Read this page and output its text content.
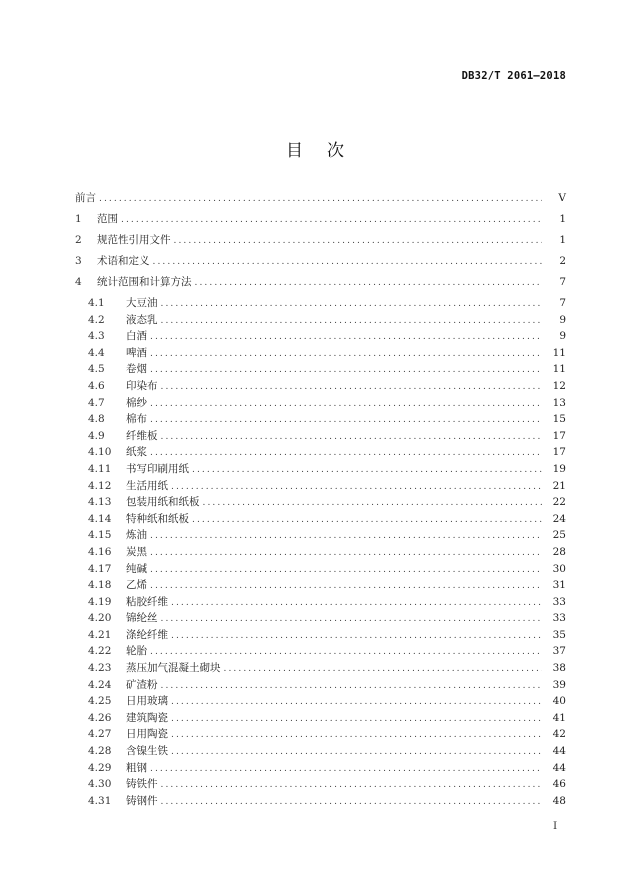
DB32/T 2061—2018
目 次
前言 .....	V
1	范围 .....	1
2	规范性引用文件 .....	1
3	术语和定义 .....	2
4	统计范围和计算方法 .....	7
4.1	大豆油 .....	7
4.2	液态乳 .....	9
4.3	白酒 .....	9
4.4	啤酒 .....	11
4.5	卷烟 .....	11
4.6	印染布 .....	12
4.7	棉纱 .....	13
4.8	棉布 .....	15
4.9	纤维板 .....	17
4.10	纸浆 .....	17
4.11	书写印刷用纸 .....	19
4.12	生活用纸 .....	21
4.13	包装用纸和纸板 .....	22
4.14	特种纸和纸板 .....	24
4.15	炼油 .....	25
4.16	炭黑 .....	28
4.17	纯碱 .....	30
4.18	乙烯 .....	31
4.19	粘胶纤维 .....	33
4.20	锦纶丝 .....	33
4.21	涤纶纤维 .....	35
4.22	轮胎 .....	37
4.23	蒸压加气混凝土砌块 .....	38
4.24	矿渣粉 .....	39
4.25	日用玻璃 .....	40
4.26	建筑陶瓷 .....	41
4.27	日用陶瓷 .....	42
4.28	含镍生铁 .....	44
4.29	粗钢 .....	44
4.30	铸铁件 .....	46
4.31	铸钢件 .....	48
I
